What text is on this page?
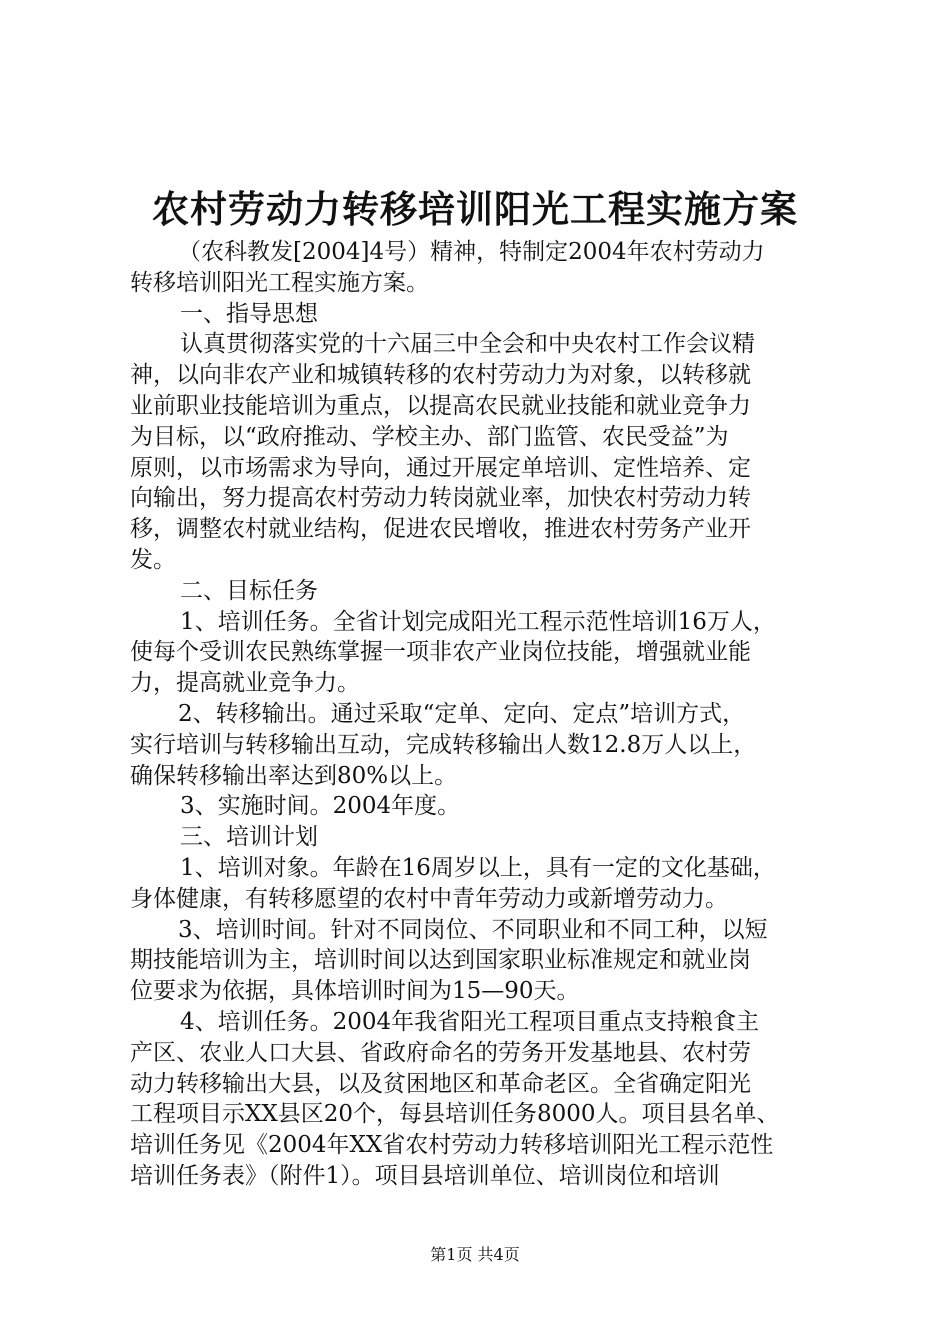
农村劳动力转移培训阳光工程实施方案

（农科教发[2004]4号）精神，特制定2004年农村劳动力

转移培训阳光工程实施方案。

一、指导思想

认真贯彻落实党的十六届三中全会和中央农村工作会议精

神，以向非农产业和城镇转移的农村劳动力为对象，以转移就

业前职业技能培训为重点，以提高农民就业技能和就业竞争力

为目标，以“政府推动、学校主办、部门监管、农民受益”为

原则，以市场需求为导向，通过开展定单培训、定性培养、定

向输出，努力提高农村劳动力转岗就业率，加快农村劳动力转

移，调整农村就业结构，促进农民增收，推进农村劳务产业开

发。

二、目标任务

1、培训任务。全省计划完成阳光工程示范性培训16万人，

使每个受训农民熟练掌握一项非农产业岗位技能，增强就业能

力，提高就业竞争力。

2、转移输出。通过采取“定单、定向、定点”培训方式，

实行培训与转移输出互动，完成转移输出人数12.8万人以上，

确保转移输出率达到80%以上。

3、实施时间。2004年度。

三、培训计划

1、培训对象。年龄在16周岁以上，具有一定的文化基础，

身体健康，有转移愿望的农村中青年劳动力或新增劳动力。

3、培训时间。针对不同岗位、不同职业和不同工种，以短

期技能培训为主，培训时间以达到国家职业标准规定和就业岗

位要求为依据，具体培训时间为15—90天。

4、培训任务。2004年我省阳光工程项目重点支持粮食主

产区、农业人口大县、省政府命名的劳务开发基地县、农村劳

动力转移输出大县，以及贫困地区和革命老区。全省确定阳光

工程项目示XX县区20个，每县培训任务8000人。项目县名单、

培训任务见《2004年XX省农村劳动力转移培训阳光工程示范性

培训任务表》（附件1）。项目县培训单位、培训岗位和培训

第1页 共4页
